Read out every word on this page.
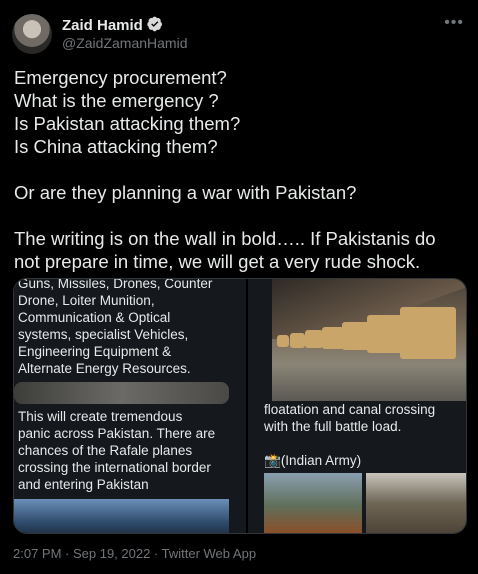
Zaid Hamid
@ZaidZamanHamid
•••
Emergency procurement?
What is the emergency ?
Is Pakistan attacking them?
Is China attacking them?
Or are they planning a war with Pakistan?
The writing is on the wall in bold….. If Pakistanis do
not prepare in time, we will get a very rude shock.
Guns, Missiles, Drones, Counter
Drone, Loiter Munition,
Communication & Optical
systems, specialist Vehicles,
Engineering Equipment &
Alternate Energy Resources.
This will create tremendous
panic across Pakistan. There are
chances of the Rafale planes
crossing the international border
and entering Pakistan
floatation and canal crossing
with the full battle load.
📸(Indian Army)
2:07 PM · Sep 19, 2022 · Twitter Web App
